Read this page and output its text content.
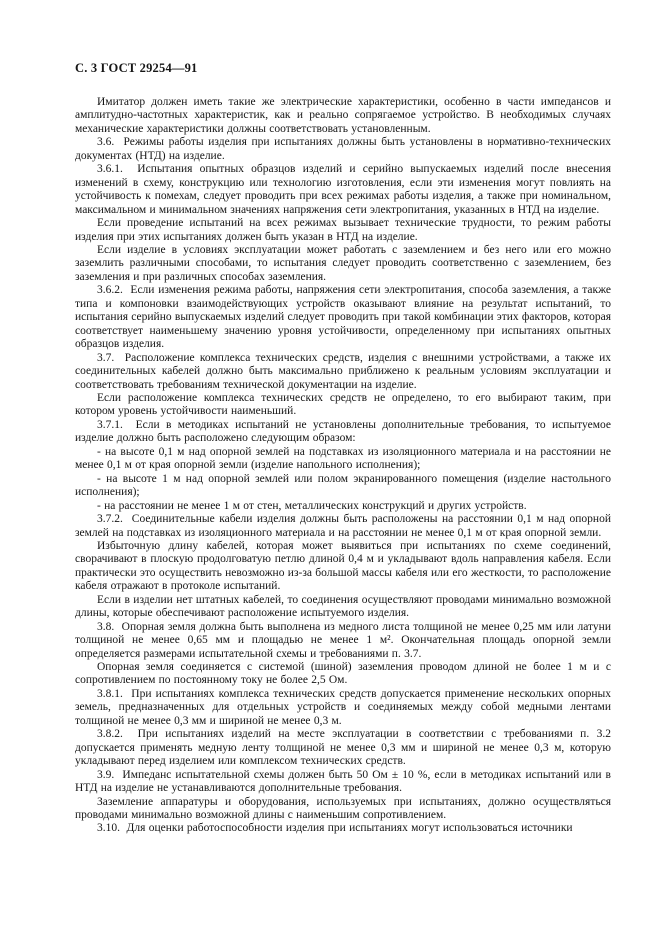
С. 3 ГОСТ 29254—91

Имитатор должен иметь такие же электрические характеристики, особенно в части импедансов и амплитудно-частотных характеристик, как и реально сопрягаемое устройство. В необходимых случаях механические характеристики должны соответствовать установленным.

3.6.  Режимы работы изделия при испытаниях должны быть установлены в нормативно-технических документах (НТД) на изделие.

3.6.1.  Испытания опытных образцов изделий и серийно выпускаемых изделий после внесения изменений в схему, конструкцию или технологию изготовления, если эти изменения могут повлиять на устойчивость к помехам, следует проводить при всех режимах работы изделия, а также при номинальном, максимальном и минимальном значениях напряжения сети электропитания, указанных в НТД на изделие.

Если проведение испытаний на всех режимах вызывает технические трудности, то режим работы изделия при этих испытаниях должен быть указан в НТД на изделие.

Если изделие в условиях эксплуатации может работать с заземлением и без него или его можно заземлить различными способами, то испытания следует проводить соответственно с заземлением, без заземления и при различных способах заземления.

3.6.2.  Если изменения режима работы, напряжения сети электропитания, способа заземления, а также типа и компоновки взаимодействующих устройств оказывают влияние на результат испытаний, то испытания серийно выпускаемых изделий следует проводить при такой комбинации этих факторов, которая соответствует наименьшему значению уровня устойчивости, определенному при испытаниях опытных образцов изделия.

3.7.  Расположение комплекса технических средств, изделия с внешними устройствами, а также их соединительных кабелей должно быть максимально приближено к реальным условиям эксплуатации и соответствовать требованиям технической документации на изделие.

Если расположение комплекса технических средств не определено, то его выбирают таким, при котором уровень устойчивости наименьший.

3.7.1.  Если в методиках испытаний не установлены дополнительные требования, то испытуемое изделие должно быть расположено следующим образом:

- на высоте 0,1 м над опорной землей на подставках из изоляционного материала и на расстоянии не менее 0,1 м от края опорной земли (изделие напольного исполнения);

- на высоте 1 м над опорной землей или полом экранированного помещения (изделие настольного исполнения);

- на расстоянии не менее 1 м от стен, металлических конструкций и других устройств.

3.7.2.  Соединительные кабели изделия должны быть расположены на расстоянии 0,1 м над опорной землей на подставках из изоляционного материала и на расстоянии не менее 0,1 м от края опорной земли.

Избыточную длину кабелей, которая может выявиться при испытаниях по схеме соединений, сворачивают в плоскую продолговатую петлю длиной 0,4 м и укладывают вдоль направления кабеля. Если практически это осуществить невозможно из-за большой массы кабеля или его жесткости, то расположение кабеля отражают в протоколе испытаний.

Если в изделии нет штатных кабелей, то соединения осуществляют проводами минимально возможной длины, которые обеспечивают расположение испытуемого изделия.

3.8.  Опорная земля должна быть выполнена из медного листа толщиной не менее 0,25 мм или латуни толщиной не менее 0,65 мм и площадью не менее 1 м². Окончательная площадь опорной земли определяется размерами испытательной схемы и требованиями п. 3.7.

Опорная земля соединяется с системой (шиной) заземления проводом длиной не более 1 м и с сопротивлением по постоянному току не более 2,5 Ом.

3.8.1.  При испытаниях комплекса технических средств допускается применение нескольких опорных земель, предназначенных для отдельных устройств и соединяемых между собой медными лентами толщиной не менее 0,3 мм и шириной не менее 0,3 м.

3.8.2.  При испытаниях изделий на месте эксплуатации в соответствии с требованиями п. 3.2 допускается применять медную ленту толщиной не менее 0,3 мм и шириной не менее 0,3 м, которую укладывают перед изделием или комплексом технических средств.

3.9.  Импеданс испытательной схемы должен быть 50 Ом ± 10 %, если в методиках испытаний или в НТД на изделие не устанавливаются дополнительные требования.

Заземление аппаратуры и оборудования, используемых при испытаниях, должно осуществляться проводами минимально возможной длины с наименьшим сопротивлением.

3.10.  Для оценки работоспособности изделия при испытаниях могут использоваться источники
